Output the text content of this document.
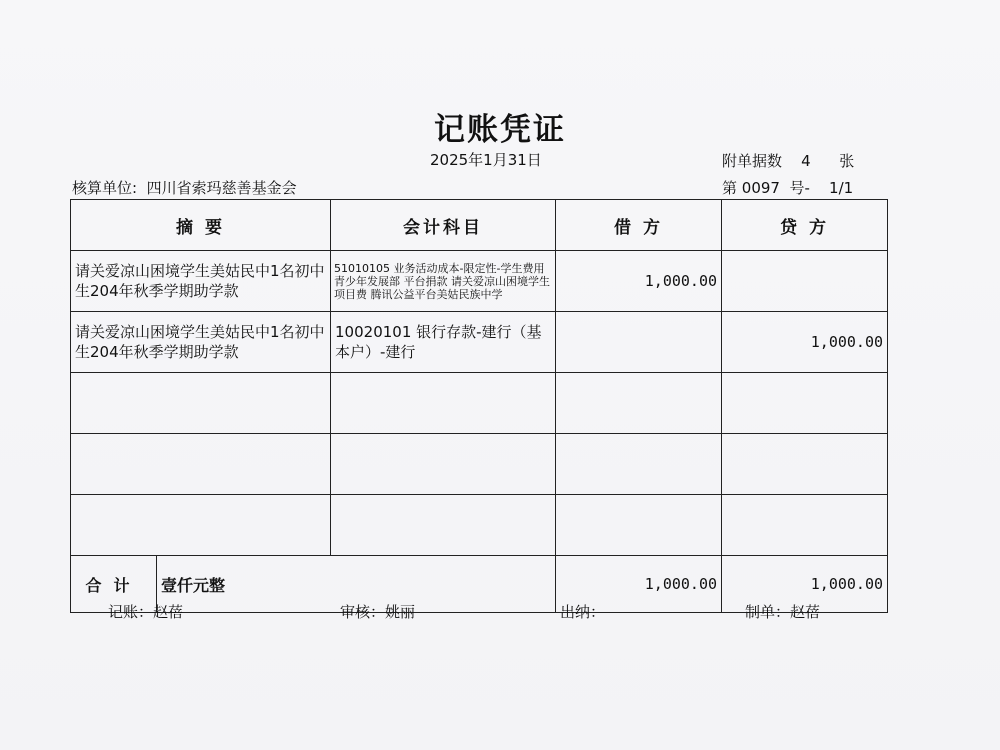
记账凭证
2025年1月31日	附单据数 4 张
核算单位: 四川省索玛慈善基金会	第 0097 号- 1/1
摘 要		会计科目	借 方	贷 方
请关爱凉山困境学生美姑民中1名初中生204年秋季学期助学款		51010105 业务活动成本-限定性-学生费用 青少年发展部 平台捐款 请关爱凉山困境学生 项目费 腾讯公益平台美姑民族中学	1,000.00	
请关爱凉山困境学生美姑民中1名初中生204年秋季学期助学款		10020101 银行存款-建行（基本户）-建行		1,000.00

合计	壹仟元整		1,000.00	1,000.00
记账：赵蓓	审核：姚丽	出纳：	制单：赵蓓
